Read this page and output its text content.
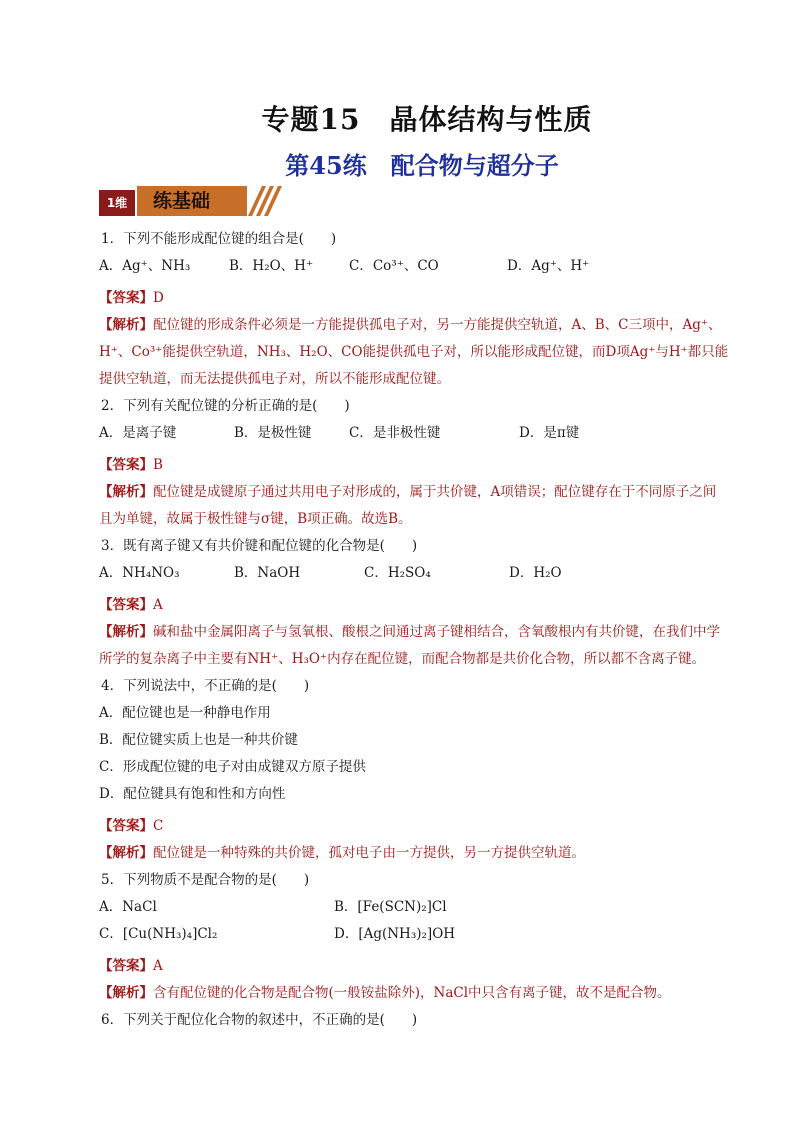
专题15　晶体结构与性质
第45练　配合物与超分子
1维	练基础
1．下列不能形成配位键的组合是(　　)
A．Ag⁺、NH₃	B．H₂O、H⁺	C．Co³⁺、CO	D．Ag⁺、H⁺
【答案】D
【解析】配位键的形成条件必须是一方能提供孤电子对，另一方能提供空轨道，A、B、C三项中，Ag⁺、H⁺、Co³⁺能提供空轨道，NH₃、H₂O、CO能提供孤电子对，所以能形成配位键，而D项Ag⁺与H⁺都只能提供空轨道，而无法提供孤电子对，所以不能形成配位键。
2．下列有关配位键的分析正确的是(　　)
A．是离子键	B．是极性键	C．是非极性键	D．是π键
【答案】B
【解析】配位键是成键原子通过共用电子对形成的，属于共价键，A项错误；配位键存在于不同原子之间且为单键，故属于极性键与σ键，B项正确。故选B。
3．既有离子键又有共价键和配位键的化合物是(　　)
A．NH₄NO₃	B．NaOH	C．H₂SO₄	D．H₂O
【答案】A
【解析】碱和盐中金属阳离子与氢氧根、酸根之间通过离子键相结合，含氧酸根内有共价键，在我们中学所学的复杂离子中主要有NH⁺、H₃O⁺内存在配位键，而配合物都是共价化合物，所以都不含离子键。
4．下列说法中，不正确的是(　　)
A．配位键也是一种静电作用
B．配位键实质上也是一种共价键
C．形成配位键的电子对由成键双方原子提供
D．配位键具有饱和性和方向性
【答案】C
【解析】配位键是一种特殊的共价键，孤对电子由一方提供，另一方提供空轨道。
5．下列物质不是配合物的是(　　)
A．NaCl	B．[Fe(SCN)₂]Cl
C．[Cu(NH₃)₄]Cl₂	D．[Ag(NH₃)₂]OH
【答案】A
【解析】含有配位键的化合物是配合物(一般铵盐除外)，NaCl中只含有离子键，故不是配合物。
6．下列关于配位化合物的叙述中，不正确的是(　　)
